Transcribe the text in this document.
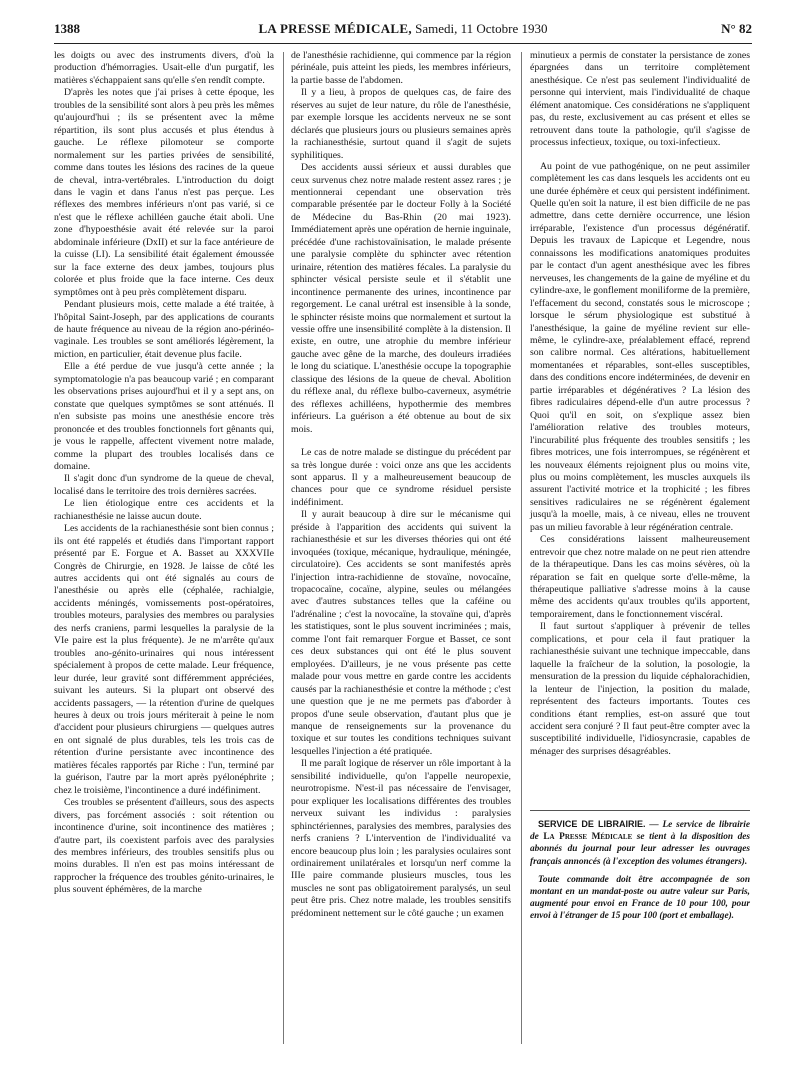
1388	LA PRESSE MÉDICALE, Samedi, 11 Octobre 1930	N° 82

les doigts ou avec des instruments divers, d'où la production d'hémorragies. Usait-elle d'un purgatif, les matières s'échappaient sans qu'elle s'en rendît compte.

D'après les notes que j'ai prises à cette époque, les troubles de la sensibilité sont alors à peu près les mêmes qu'aujourd'hui ; ils se présentent avec la même répartition, ils sont plus accusés et plus étendus à gauche. Le réflexe pilomoteur se comporte normalement sur les parties privées de sensibilité, comme dans toutes les lésions des racines de la queue de cheval, intra-vertébrales. L'introduction du doigt dans le vagin et dans l'anus n'est pas perçue. Les réflexes des membres inférieurs n'ont pas varié, si ce n'est que le réflexe achilléen gauche était aboli. Une zone d'hypoesthésie avait été relevée sur la paroi abdominale inférieure (DxII) et sur la face antérieure de la cuisse (LI). La sensibilité était également émoussée sur la face externe des deux jambes, toujours plus colorée et plus froide que la face interne. Ces deux symptômes ont à peu près complètement disparu.

Pendant plusieurs mois, cette malade a été traitée, à l'hôpital Saint-Joseph, par des applications de courants de haute fréquence au niveau de la région ano-périnéo-vaginale. Les troubles se sont améliorés légèrement, la miction, en particulier, était devenue plus facile.

Elle a été perdue de vue jusqu'à cette année ; la symptomatologie n'a pas beaucoup varié ; en comparant les observations prises aujourd'hui et il y a sept ans, on constate que quelques symptômes se sont atténués. Il n'en subsiste pas moins une anesthésie encore très prononcée et des troubles fonctionnels fort gênants qui, je vous le rappelle, affectent vivement notre malade, comme la plupart des troubles localisés dans ce domaine.

Il s'agit donc d'un syndrome de la queue de cheval, localisé dans le territoire des trois dernières sacrées.

Le lien étiologique entre ces accidents et la rachianesthésie ne laisse aucun doute.

Les accidents de la rachianesthésie sont bien connus ; ils ont été rappelés et étudiés dans l'important rapport présenté par E. Forgue et A. Basset au XXXVIIe Congrès de Chirurgie, en 1928. Je laisse de côté les autres accidents qui ont été signalés au cours de l'anesthésie ou après elle (céphalée, rachialgie, accidents méningés, vomissements post-opératoires, troubles moteurs, paralysies des membres ou paralysies des nerfs craniens, parmi lesquelles la paralysie de la VIe paire est la plus fréquente). Je ne m'arrête qu'aux troubles ano-génito-urinaires qui nous intéressent spécialement à propos de cette malade. Leur fréquence, leur durée, leur gravité sont différemment appréciées, suivant les auteurs. Si la plupart ont observé des accidents passagers, — la rétention d'urine de quelques heures à deux ou trois jours mériterait à peine le nom d'accident pour plusieurs chirurgiens — quelques autres en ont signalé de plus durables, tels les trois cas de rétention d'urine persistante avec incontinence des matières fécales rapportés par Riche : l'un, terminé par la guérison, l'autre par la mort après pyélonéphrite ; chez le troisième, l'incontinence a duré indéfiniment.

Ces troubles se présentent d'ailleurs, sous des aspects divers, pas forcément associés : soit rétention ou incontinence d'urine, soit incontinence des matières ; d'autre part, ils coexistent parfois avec des paralysies des membres inférieurs, des troubles sensitifs plus ou moins durables. Il n'en est pas moins intéressant de rapprocher la fréquence des troubles génito-urinaires, le plus souvent éphémères, de la marche

de l'anesthésie rachidienne, qui commence par la région périnéale, puis atteint les pieds, les membres inférieurs, la partie basse de l'abdomen.

Il y a lieu, à propos de quelques cas, de faire des réserves au sujet de leur nature, du rôle de l'anesthésie, par exemple lorsque les accidents nerveux ne se sont déclarés que plusieurs jours ou plusieurs semaines après la rachianesthésie, surtout quand il s'agit de sujets syphilitiques.

Des accidents aussi sérieux et aussi durables que ceux survenus chez notre malade restent assez rares ; je mentionnerai cependant une observation très comparable présentée par le docteur Folly à la Société de Médecine du Bas-Rhin (20 mai 1923). Immédiatement après une opération de hernie inguinale, précédée d'une rachistovaïnisation, le malade présente une paralysie complète du sphincter avec rétention urinaire, rétention des matières fécales. La paralysie du sphincter vésical persiste seule et il s'établit une incontinence permanente des urines, incontinence par regorgement. Le canal urétral est insensible à la sonde, le sphincter résiste moins que normalement et surtout la vessie offre une insensibilité complète à la distension. Il existe, en outre, une atrophie du membre inférieur gauche avec gêne de la marche, des douleurs irradiées le long du sciatique. L'anesthésie occupe la topographie classique des lésions de la queue de cheval. Abolition du réflexe anal, du réflexe bulbo-caverneux, asymétrie des réflexes achilléens, hypothermie des membres inférieurs. La guérison a été obtenue au bout de six mois.

Le cas de notre malade se distingue du précédent par sa très longue durée : voici onze ans que les accidents sont apparus. Il y a malheureusement beaucoup de chances pour que ce syndrome résiduel persiste indéfiniment.

Il y aurait beaucoup à dire sur le mécanisme qui préside à l'apparition des accidents qui suivent la rachianesthésie et sur les diverses théories qui ont été invoquées (toxique, mécanique, hydraulique, méningée, circulatoire). Ces accidents se sont manifestés après l'injection intra-rachidienne de stovaïne, novocaïne, tropacocaïne, cocaïne, alypine, seules ou mélangées avec d'autres substances telles que la caféine ou l'adrénaline ; c'est la novocaïne, la stovaïne qui, d'après les statistiques, sont le plus souvent incriminées ; mais, comme l'ont fait remarquer Forgue et Basset, ce sont ces deux substances qui ont été le plus souvent employées. D'ailleurs, je ne vous présente pas cette malade pour vous mettre en garde contre les accidents causés par la rachianesthésie et contre la méthode ; c'est une question que je ne me permets pas d'aborder à propos d'une seule observation, d'autant plus que je manque de renseignements sur la provenance du toxique et sur toutes les conditions techniques suivant lesquelles l'injection a été pratiquée.

Il me paraît logique de réserver un rôle important à la sensibilité individuelle, qu'on l'appelle neuropexie, neurotropisme. N'est-il pas nécessaire de l'envisager, pour expliquer les localisations différentes des troubles nerveux suivant les individus : paralysies sphinctériennes, paralysies des membres, paralysies des nerfs craniens ? L'intervention de l'individualité va encore beaucoup plus loin ; les paralysies oculaires sont ordinairement unilatérales et lorsqu'un nerf comme la IIIe paire commande plusieurs muscles, tous les muscles ne sont pas obligatoirement paralysés, un seul peut être pris. Chez notre malade, les troubles sensitifs prédominent nettement sur le côté gauche ; un examen

minutieux a permis de constater la persistance de zones épargnées dans un territoire complètement anesthésique. Ce n'est pas seulement l'individualité de personne qui intervient, mais l'individualité de chaque élément anatomique. Ces considérations ne s'appliquent pas, du reste, exclusivement au cas présent et elles se retrouvent dans toute la pathologie, qu'il s'agisse de processus infectieux, toxique, ou toxi-infectieux.

Au point de vue pathogénique, on ne peut assimiler complètement les cas dans lesquels les accidents ont eu une durée éphémère et ceux qui persistent indéfiniment. Quelle qu'en soit la nature, il est bien difficile de ne pas admettre, dans cette dernière occurrence, une lésion irréparable, l'existence d'un processus dégénératif. Depuis les travaux de Lapicque et Legendre, nous connaissons les modifications anatomiques produites par le contact d'un agent anesthésique avec les fibres nerveuses, les changements de la gaine de myéline et du cylindre-axe, le gonflement moniliforme de la première, l'effacement du second, constatés sous le microscope ; lorsque le sérum physiologique est substitué à l'anesthésique, la gaine de myéline revient sur elle-même, le cylindre-axe, préalablement effacé, reprend son calibre normal. Ces altérations, habituellement momentanées et réparables, sont-elles susceptibles, dans des conditions encore indéterminées, de devenir en partie irréparables et dégénératives ? La lésion des fibres radiculaires dépend-elle d'un autre processus ? Quoi qu'il en soit, on s'explique assez bien l'amélioration relative des troubles moteurs, l'incurabilité plus fréquente des troubles sensitifs ; les fibres motrices, une fois interrompues, se régénèrent et les nouveaux éléments rejoignent plus ou moins vite, plus ou moins complètement, les muscles auxquels ils assurent l'activité motrice et la trophicité ; les fibres sensitives radiculaires ne se régénèrent également jusqu'à la moelle, mais, à ce niveau, elles ne trouvent pas un milieu favorable à leur régénération centrale.

Ces considérations laissent malheureusement entrevoir que chez notre malade on ne peut rien attendre de la thérapeutique. Dans les cas moins sévères, où la réparation se fait en quelque sorte d'elle-même, la thérapeutique palliative s'adresse moins à la cause même des accidents qu'aux troubles qu'ils apportent, temporairement, dans le fonctionnement viscéral.

Il faut surtout s'appliquer à prévenir de telles complications, et pour cela il faut pratiquer la rachianesthésie suivant une technique impeccable, dans laquelle la fraîcheur de la solution, la posologie, la mensuration de la pression du liquide céphalorachidien, la lenteur de l'injection, la position du malade, représentent des facteurs importants. Toutes ces conditions étant remplies, est-on assuré que tout accident sera conjuré ? Il faut peut-être compter avec la susceptibilité individuelle, l'idiosyncrasie, capables de ménager des surprises désagréables.

SERVICE DE LIBRAIRIE. — Le service de librairie de La Presse Médicale se tient à la disposition des abonnés du journal pour leur adresser les ouvrages français annoncés (à l'exception des volumes étrangers).

Toute commande doit être accompagnée de son montant en un mandat-poste ou autre valeur sur Paris, augmenté pour envoi en France de 10 pour 100, pour envoi à l'étranger de 15 pour 100 (port et emballage).
